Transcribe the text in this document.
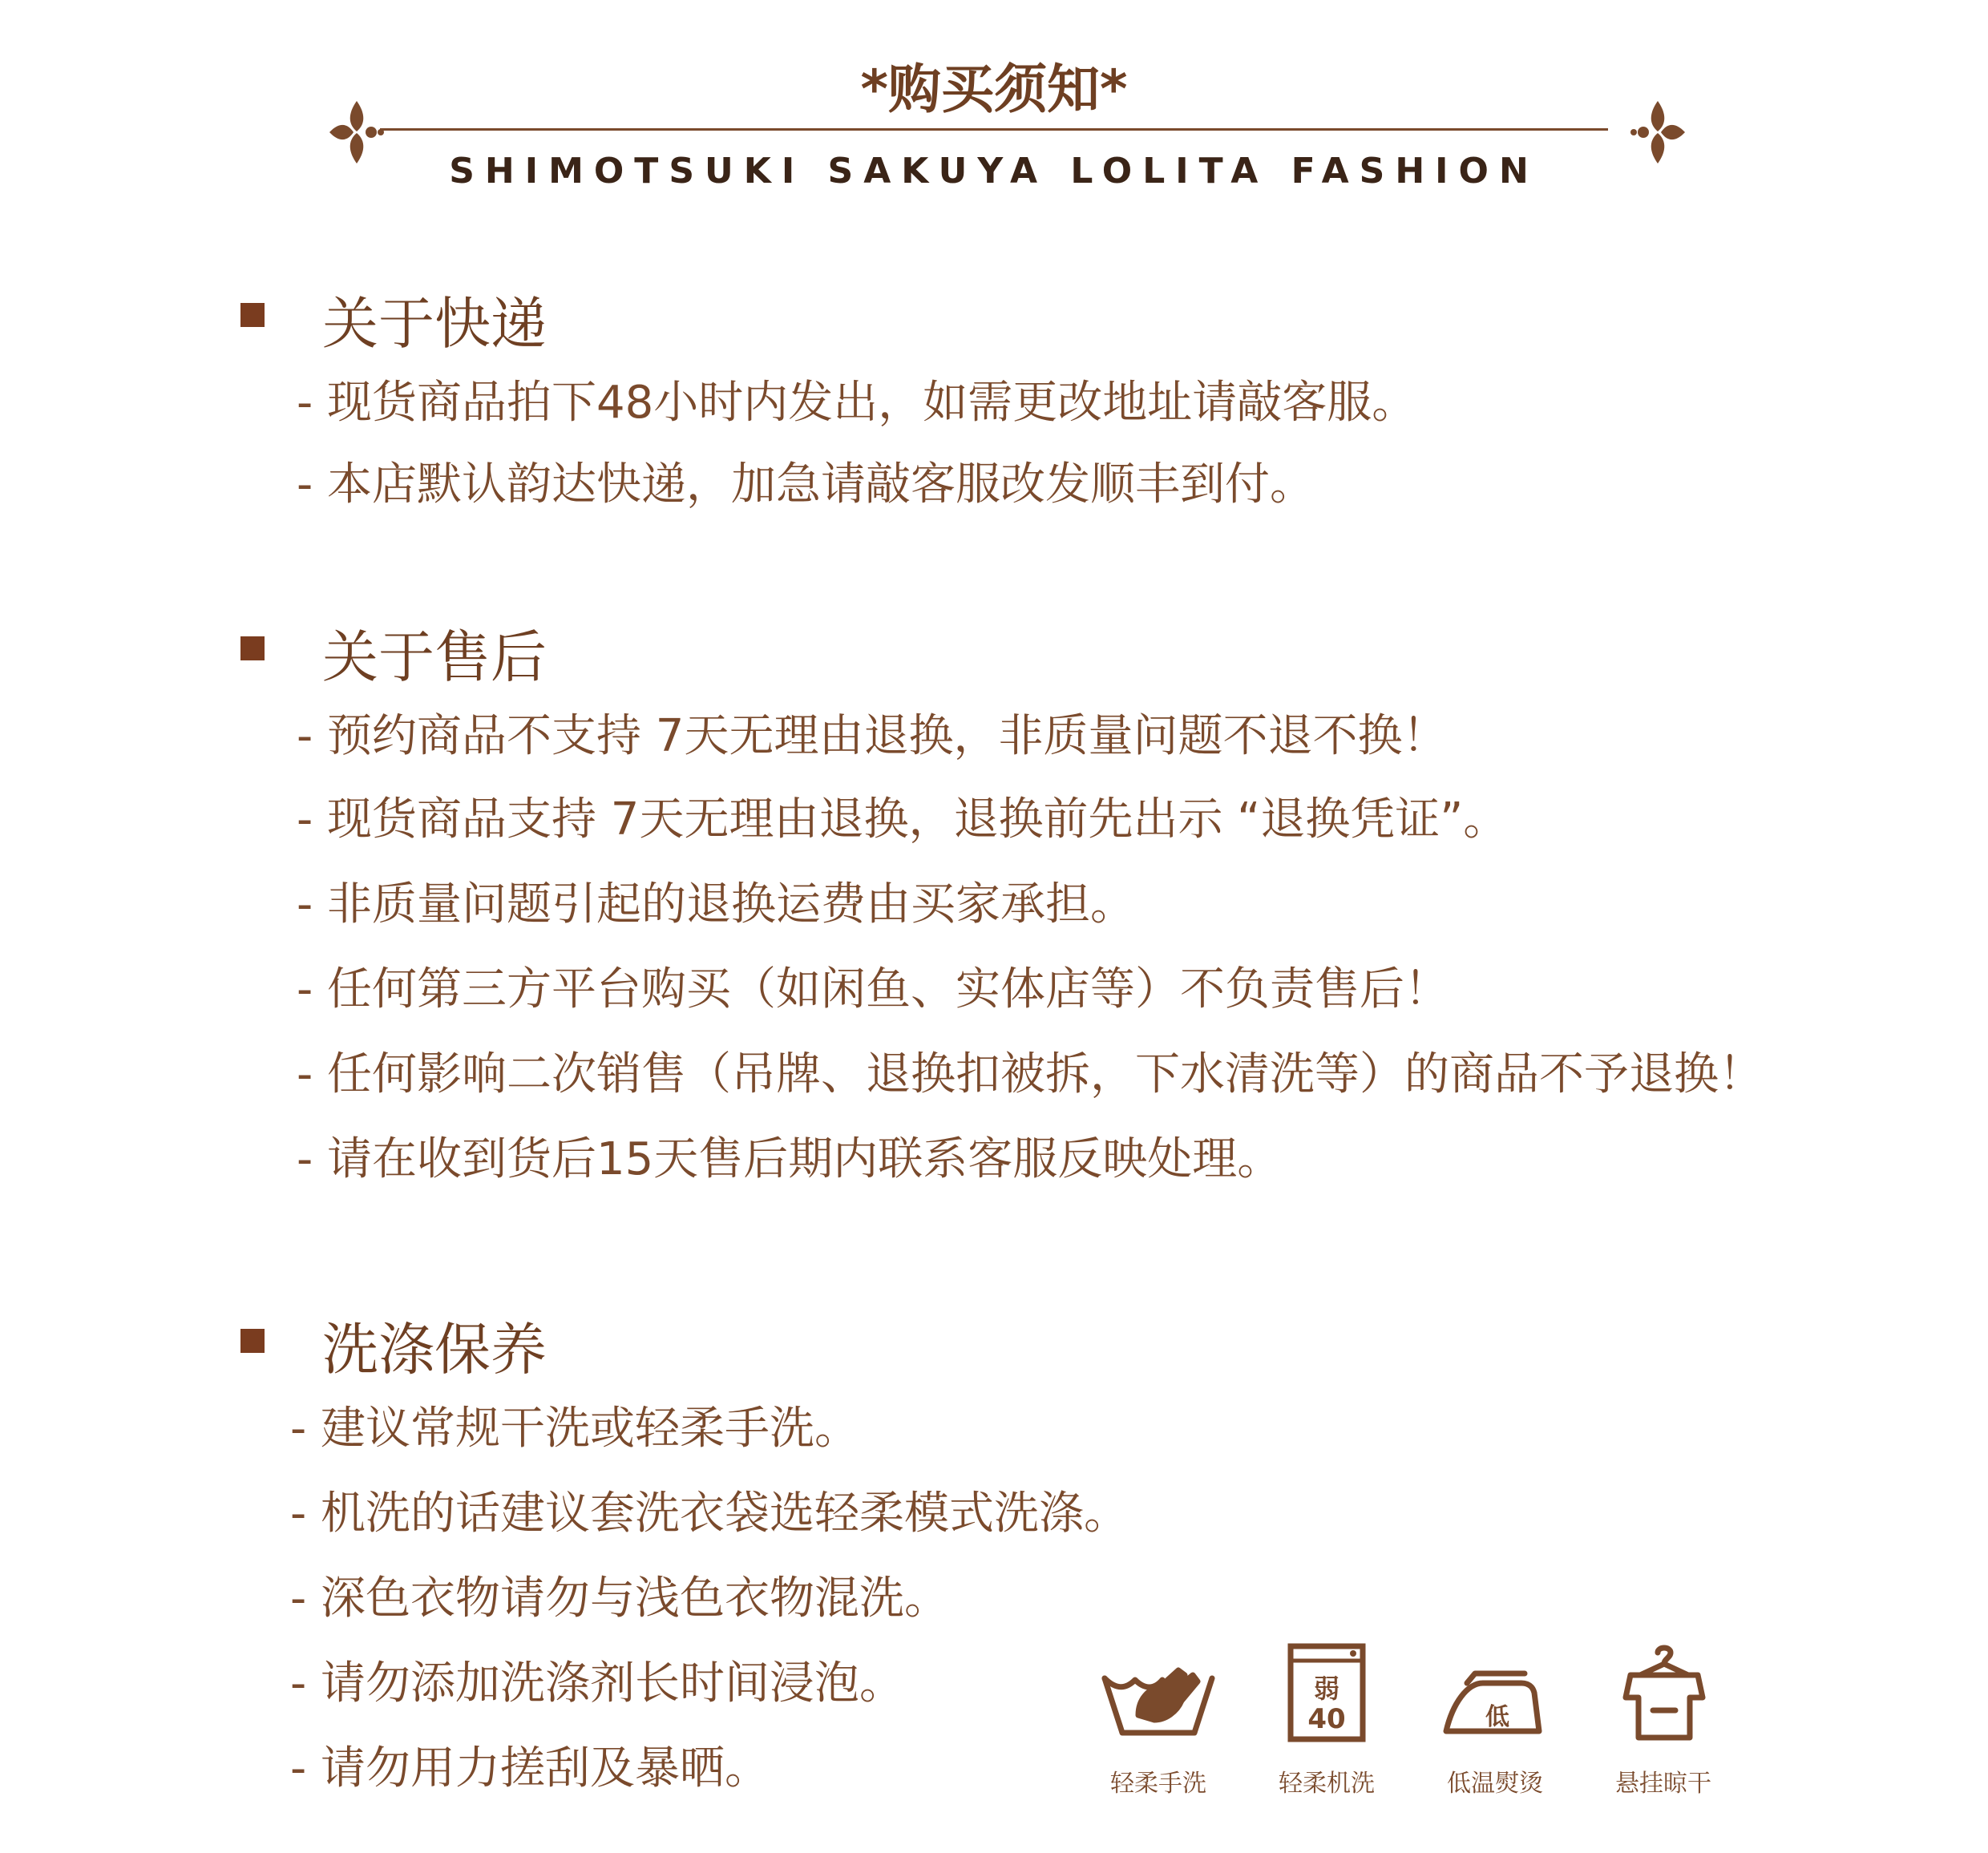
*购买须知*
SHIMOTSUKI SAKUYA LOLITA FASHION
关于快递
- 现货商品拍下48小时内发出，如需更改地址请敲客服。
- 本店默认韵达快递，加急请敲客服改发顺丰到付。
关于售后
- 预约商品不支持 7天无理由退换，非质量问题不退不换！
- 现货商品支持 7天无理由退换，退换前先出示 “退换凭证”。
- 非质量问题引起的退换运费由买家承担。
- 任何第三方平台购买（如闲鱼、实体店等）不负责售后！
- 任何影响二次销售（吊牌、退换扣被拆，下水清洗等）的商品不予退换！
- 请在收到货后15天售后期内联系客服反映处理。
洗涤保养
- 建议常规干洗或轻柔手洗。
- 机洗的话建议套洗衣袋选轻柔模式洗涤。
- 深色衣物请勿与浅色衣物混洗。
- 请勿添加洗涤剂长时间浸泡。
- 请勿用力搓刮及暴晒。	轻柔手洗
弱
40
轻柔机洗
低
低温熨烫	悬挂晾干
